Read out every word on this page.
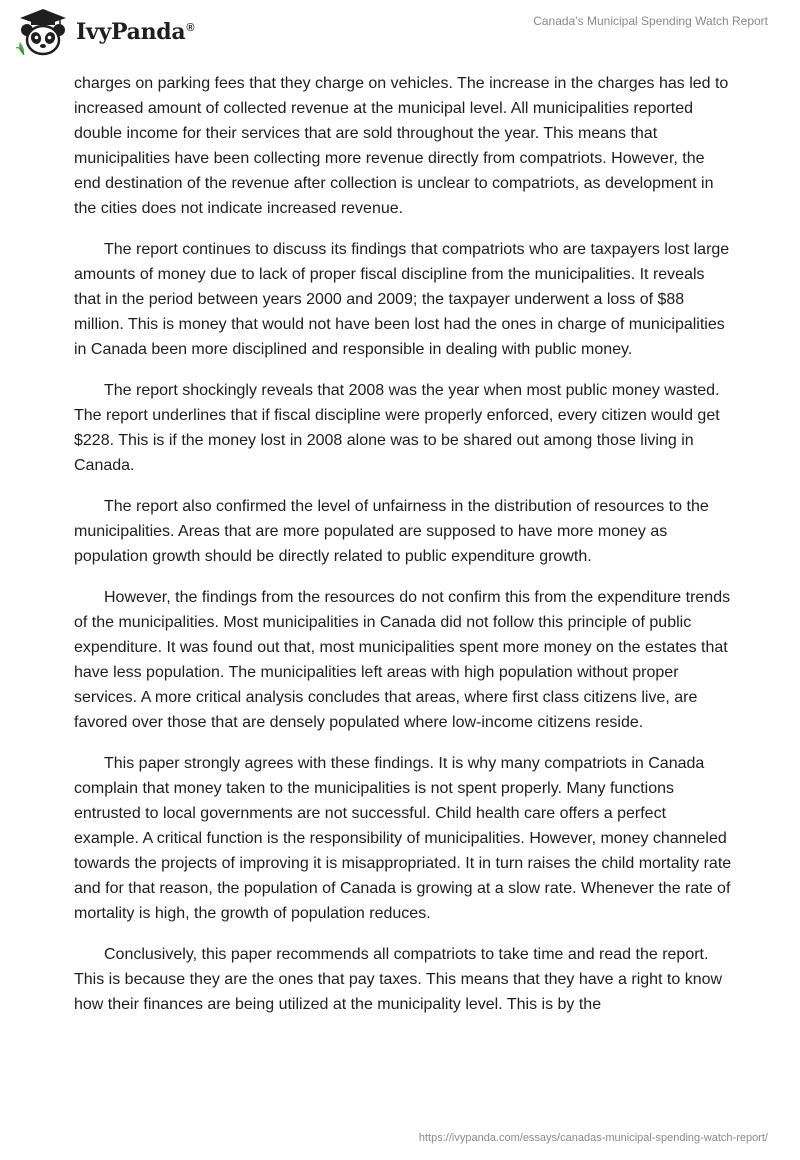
IvyPanda®	Canada’s Municipal Spending Watch Report

charges on parking fees that they charge on vehicles. The increase in the charges has led to increased amount of collected revenue at the municipal level. All municipalities reported double income for their services that are sold throughout the year. This means that municipalities have been collecting more revenue directly from compatriots. However, the end destination of the revenue after collection is unclear to compatriots, as development in the cities does not indicate increased revenue.

The report continues to discuss its findings that compatriots who are taxpayers lost large amounts of money due to lack of proper fiscal discipline from the municipalities. It reveals that in the period between years 2000 and 2009; the taxpayer underwent a loss of $88 million. This is money that would not have been lost had the ones in charge of municipalities in Canada been more disciplined and responsible in dealing with public money.

The report shockingly reveals that 2008 was the year when most public money wasted. The report underlines that if fiscal discipline were properly enforced, every citizen would get $228. This is if the money lost in 2008 alone was to be shared out among those living in Canada.

The report also confirmed the level of unfairness in the distribution of resources to the municipalities. Areas that are more populated are supposed to have more money as population growth should be directly related to public expenditure growth.

However, the findings from the resources do not confirm this from the expenditure trends of the municipalities. Most municipalities in Canada did not follow this principle of public expenditure. It was found out that, most municipalities spent more money on the estates that have less population. The municipalities left areas with high population without proper services. A more critical analysis concludes that areas, where first class citizens live, are favored over those that are densely populated where low-income citizens reside.

This paper strongly agrees with these findings. It is why many compatriots in Canada complain that money taken to the municipalities is not spent properly. Many functions entrusted to local governments are not successful. Child health care offers a perfect example. A critical function is the responsibility of municipalities. However, money channeled towards the projects of improving it is misappropriated. It in turn raises the child mortality rate and for that reason, the population of Canada is growing at a slow rate. Whenever the rate of mortality is high, the growth of population reduces.

Conclusively, this paper recommends all compatriots to take time and read the report. This is because they are the ones that pay taxes. This means that they have a right to know how their finances are being utilized at the municipality level. This is by the

https://ivypanda.com/essays/canadas-municipal-spending-watch-report/
